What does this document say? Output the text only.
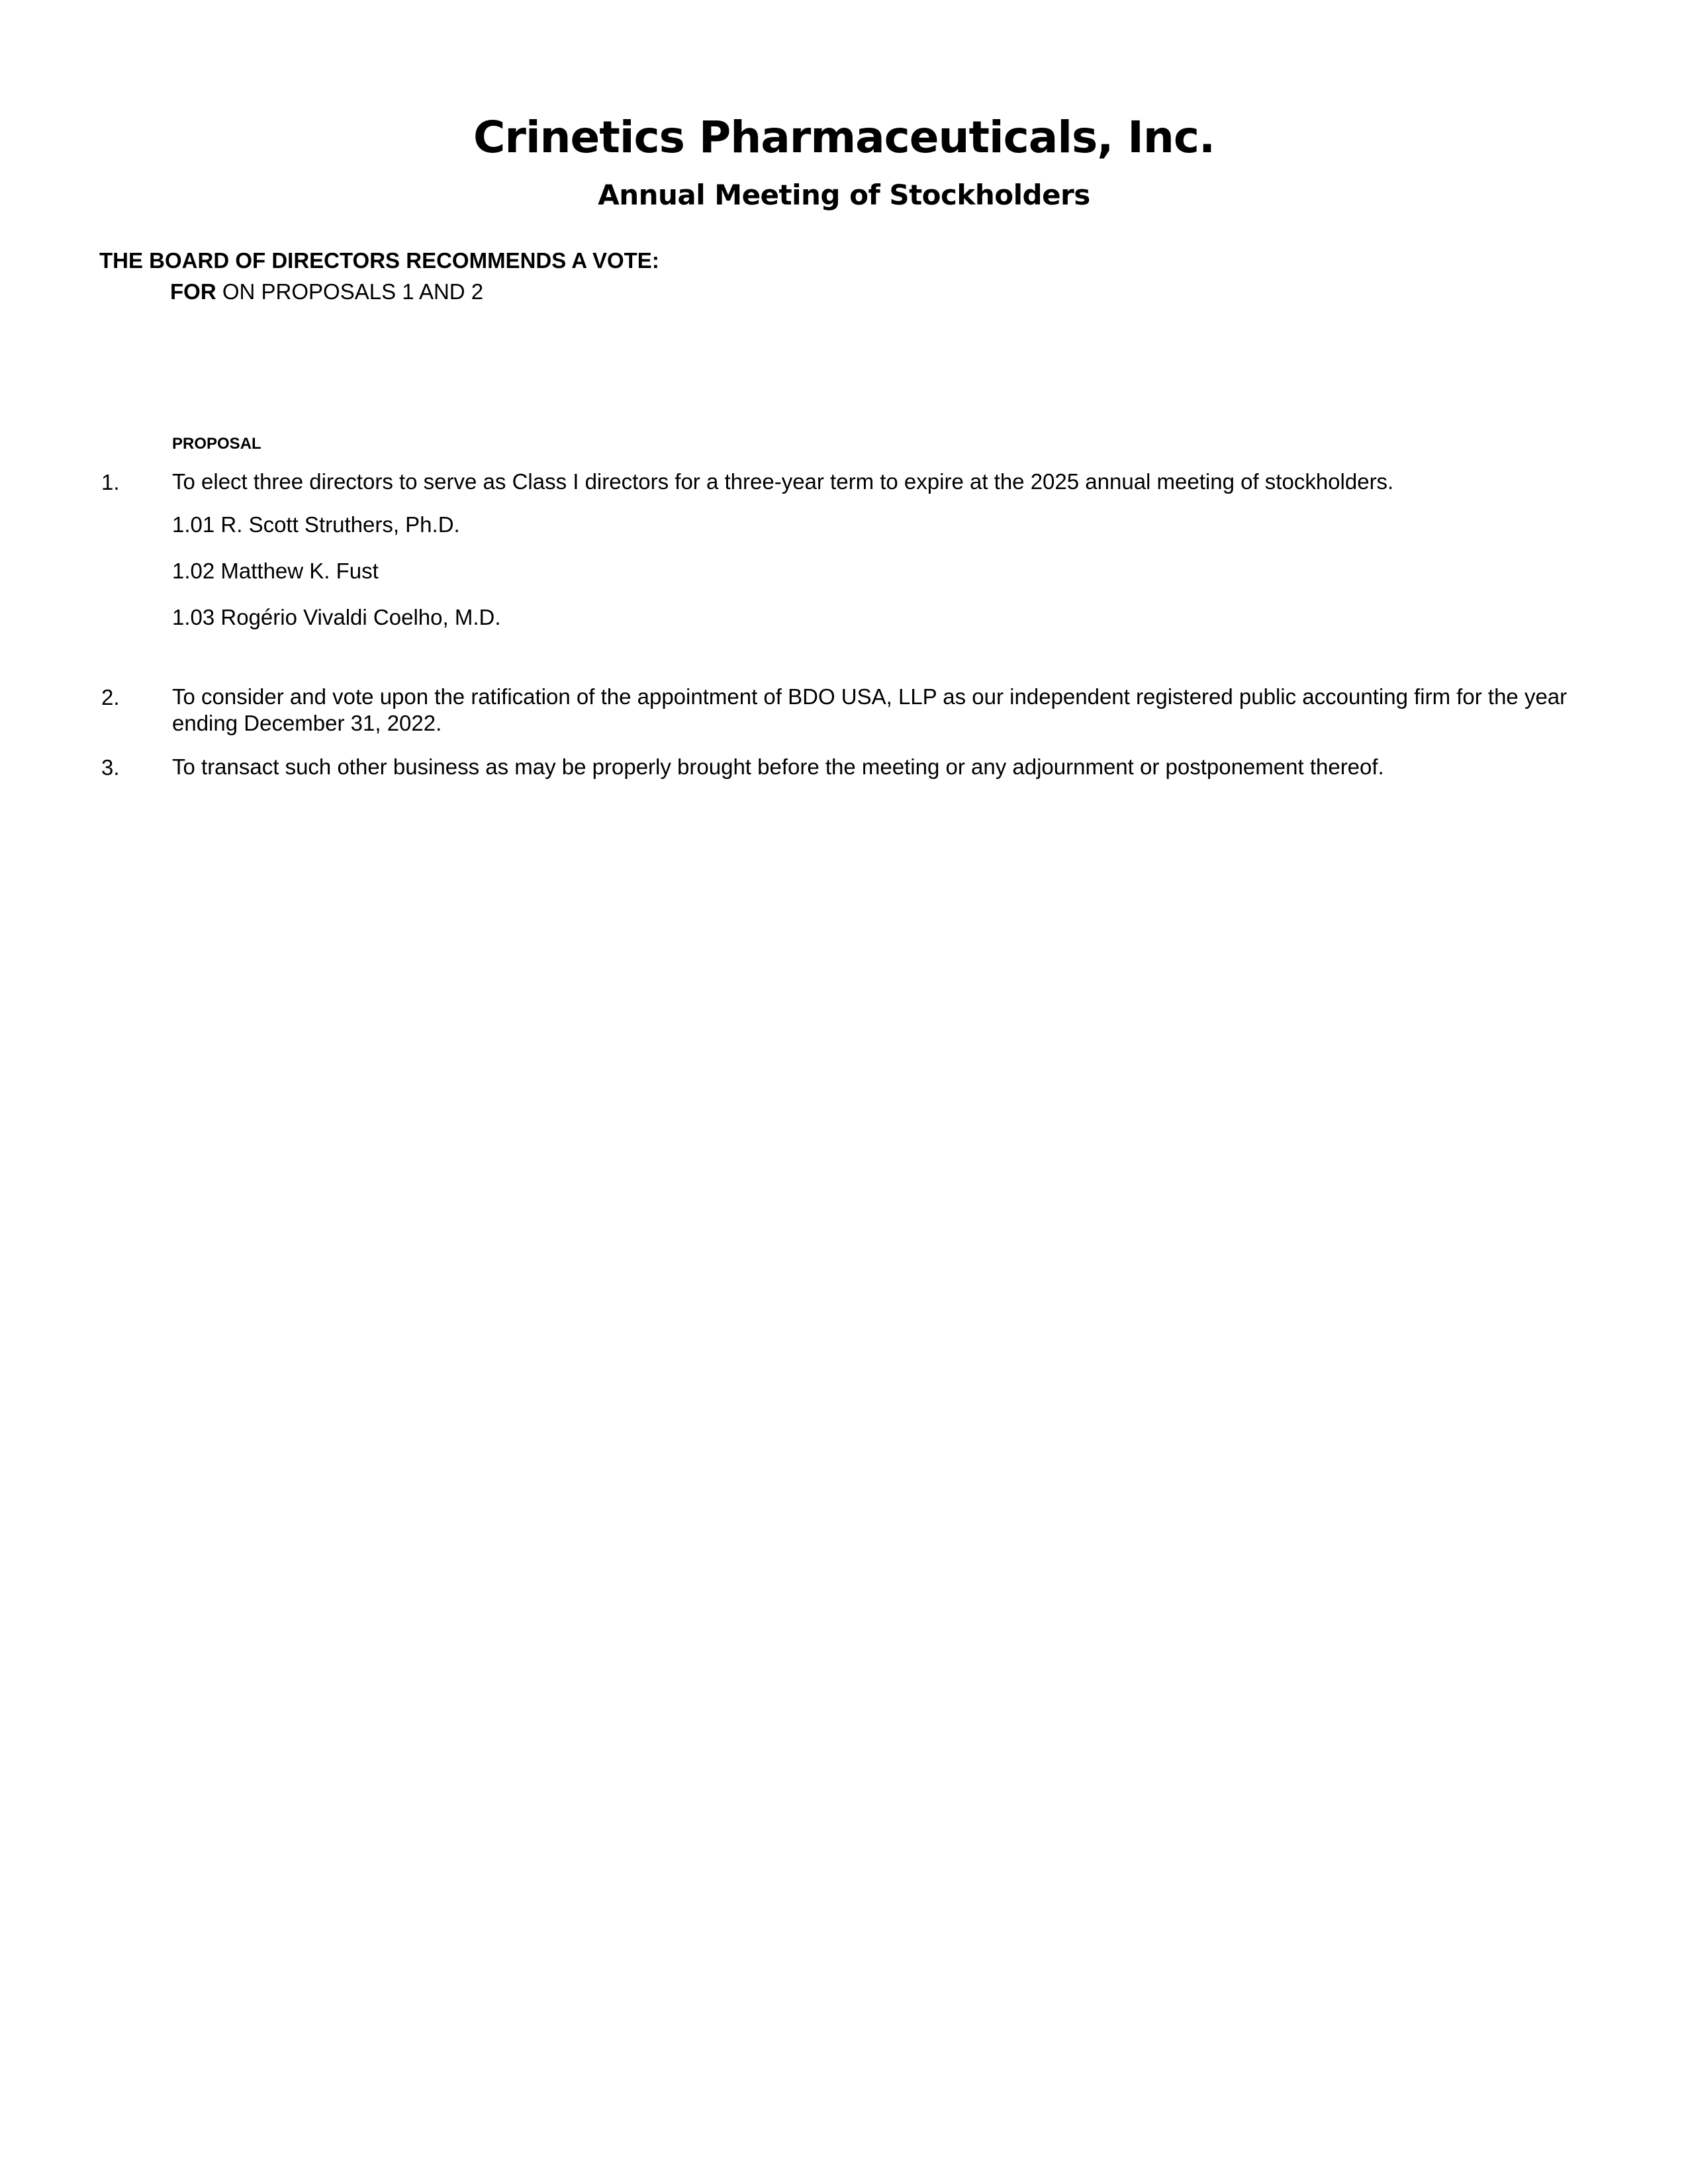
Crinetics Pharmaceuticals, Inc.
Annual Meeting of Stockholders
THE BOARD OF DIRECTORS RECOMMENDS A VOTE:
FOR ON PROPOSALS 1 AND 2
PROPOSAL
1. To elect three directors to serve as Class I directors for a three-year term to expire at the 2025 annual meeting of stockholders.
1.01 R. Scott Struthers, Ph.D.
1.02 Matthew K. Fust
1.03 Rogério Vivaldi Coelho, M.D.
2. To consider and vote upon the ratification of the appointment of BDO USA, LLP as our independent registered public accounting firm for the year ending December 31, 2022.
3. To transact such other business as may be properly brought before the meeting or any adjournment or postponement thereof.
